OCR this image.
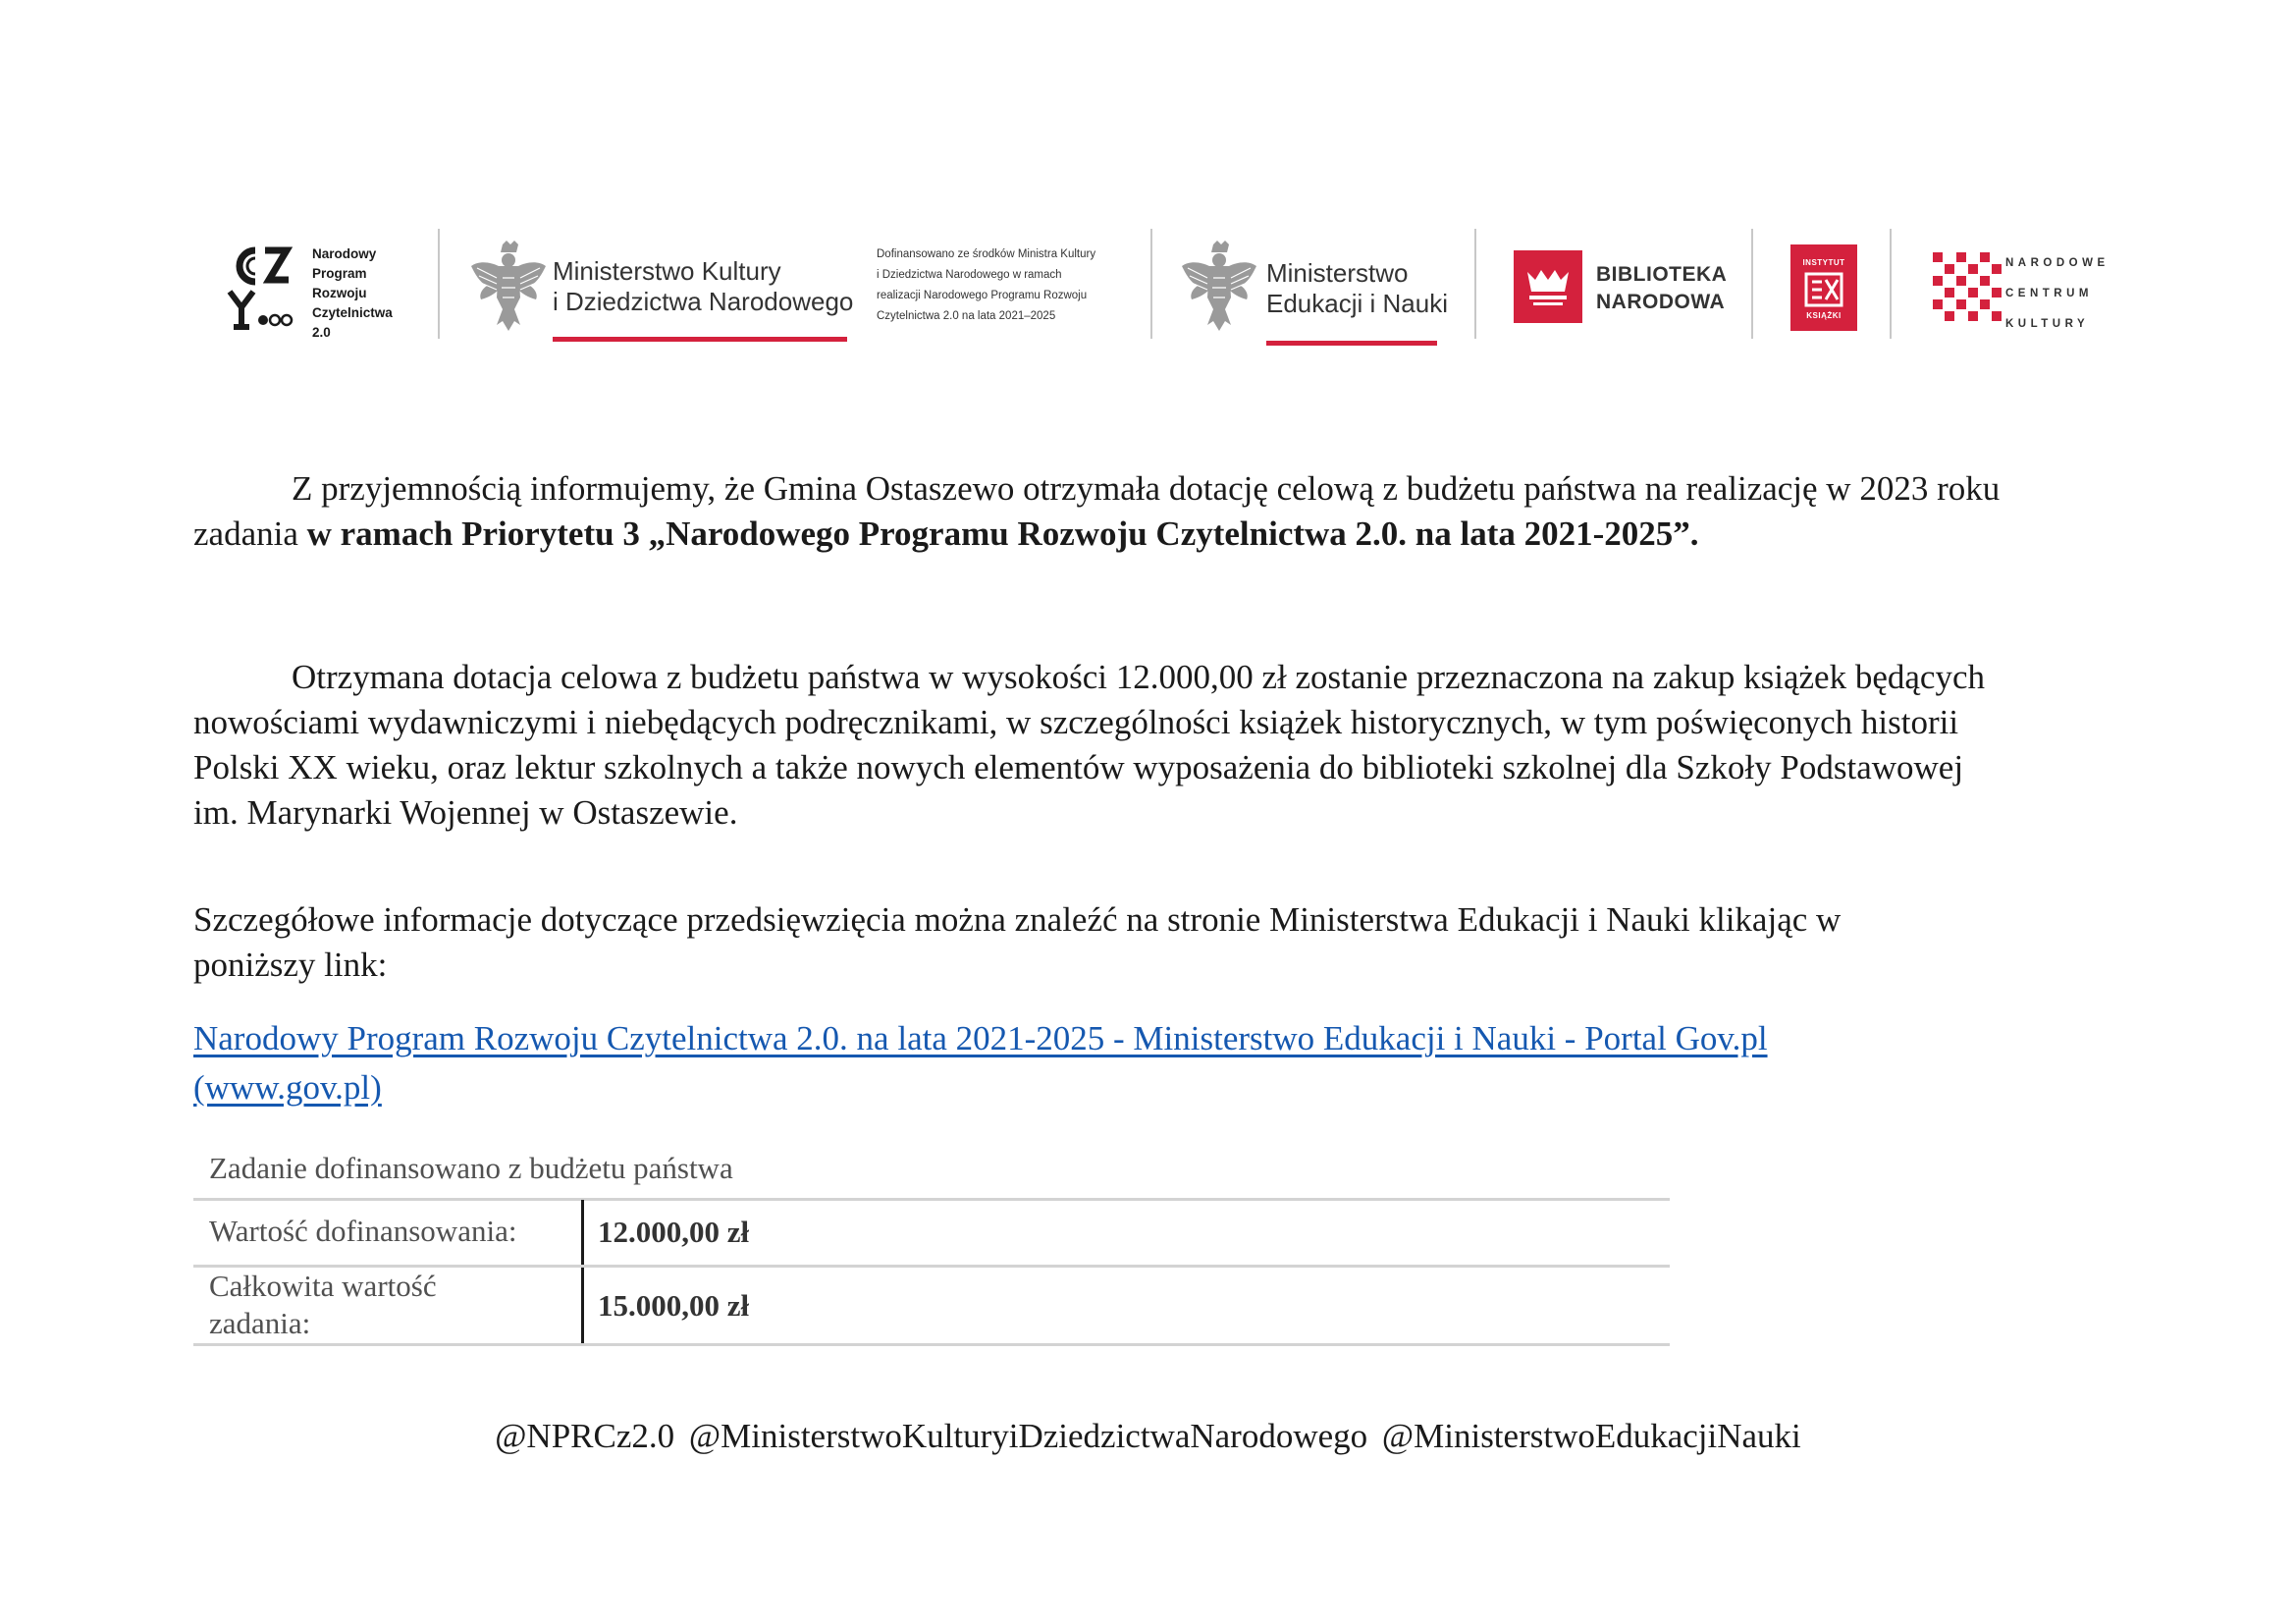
Narodowy
Program
Rozwoju
Czytelnictwa
2.0
Ministerstwo Kultury
i Dziedzictwa Narodowego
Dofinansowano ze środków Ministra Kultury
i Dziedzictwa Narodowego w ramach
realizacji Narodowego Programu Rozwoju
Czytelnictwa 2.0 na lata 2021–2025
Ministerstwo
Edukacji i Nauki
BIBLIOTEKA
NARODOWA
INSTYTUT
KSIĄŻKI
NARODOWE
CENTRUM
KULTURY
Z przyjemnością informujemy, że Gmina Ostaszewo otrzymała dotację celową z budżetu państwa na realizację w 2023 roku
zadania w ramach Priorytetu 3 „Narodowego Programu Rozwoju Czytelnictwa 2.0. na lata 2021-2025”.
Otrzymana dotacja celowa z budżetu państwa w wysokości 12.000,00 zł zostanie przeznaczona na zakup książek będących
nowościami wydawniczymi i niebędących podręcznikami, w szczególności książek historycznych, w tym poświęconych historii
Polski XX wieku, oraz lektur szkolnych a także nowych elementów wyposażenia do biblioteki szkolnej dla Szkoły Podstawowej
im. Marynarki Wojennej w Ostaszewie.
Szczegółowe informacje dotyczące przedsięwzięcia można znaleźć na stronie Ministerstwa Edukacji i Nauki klikając w
poniższy link:
Narodowy Program Rozwoju Czytelnictwa 2.0. na lata 2021-2025 - Ministerstwo Edukacji i Nauki - Portal Gov.pl
(www.gov.pl)
Zadanie dofinansowano z budżetu państwa
Wartość dofinansowania:	12.000,00 zł
Całkowita wartość
zadania:
15.000,00 zł
@NPRCz2.0 @MinisterstwoKulturyiDziedzictwaNarodowego @MinisterstwoEdukacjiNauki
